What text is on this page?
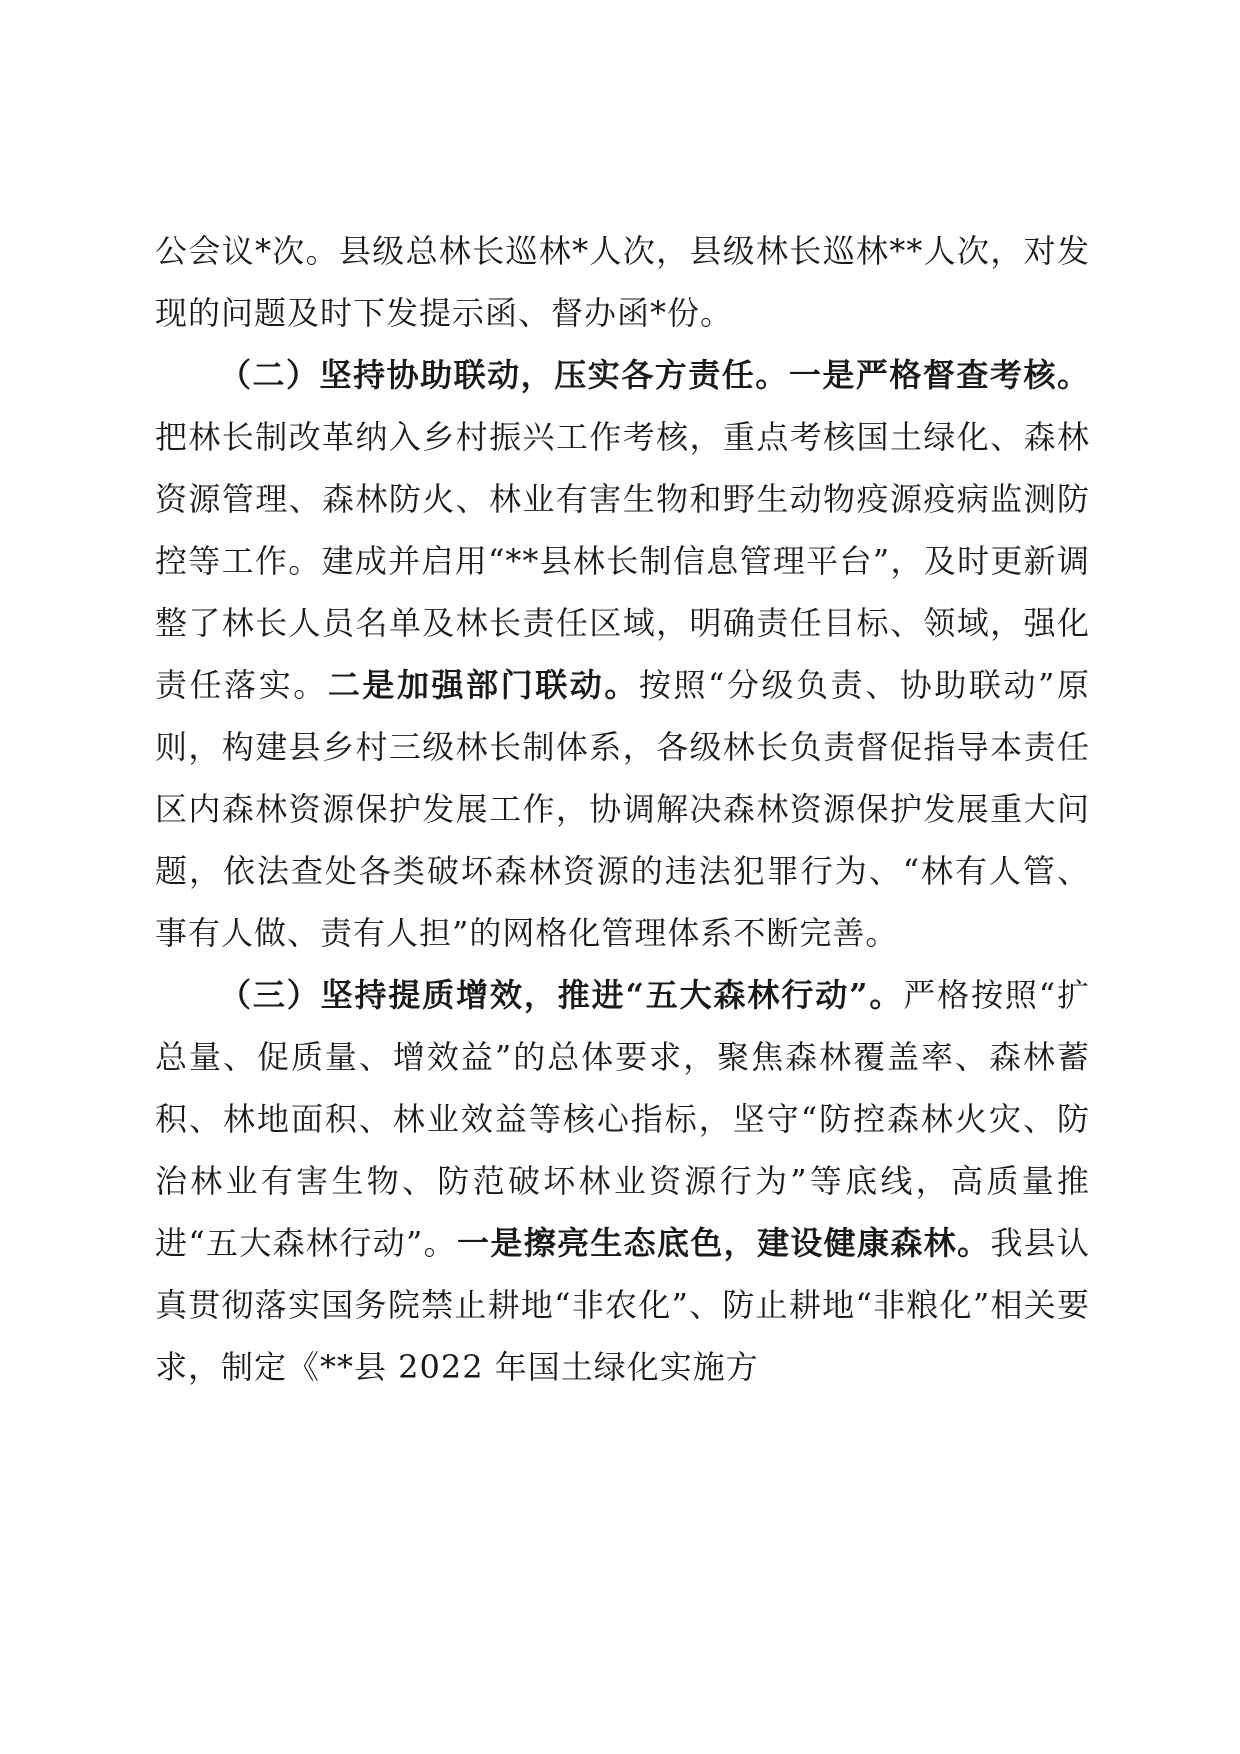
公会议*次。县级总林长巡林*人次，县级林长巡林**人次，对发现的问题及时下发提示函、督办函*份。

（二）坚持协助联动，压实各方责任。一是严格督查考核。把林长制改革纳入乡村振兴工作考核，重点考核国土绿化、森林资源管理、森林防火、林业有害生物和野生动物疫源疫病监测防控等工作。建成并启用“**县林长制信息管理平台”，及时更新调整了林长人员名单及林长责任区域，明确责任目标、领域，强化责任落实。二是加强部门联动。按照“分级负责、协助联动”原则，构建县乡村三级林长制体系，各级林长负责督促指导本责任区内森林资源保护发展工作，协调解决森林资源保护发展重大问题，依法查处各类破坏森林资源的违法犯罪行为、“林有人管、事有人做、责有人担”的网格化管理体系不断完善。

（三）坚持提质增效，推进“五大森林行动”。严格按照“扩总量、促质量、增效益”的总体要求，聚焦森林覆盖率、森林蓄积、林地面积、林业效益等核心指标，坚守“防控森林火灾、防治林业有害生物、防范破坏林业资源行为”等底线，高质量推进“五大森林行动”。一是擦亮生态底色，建设健康森林。我县认真贯彻落实国务院禁止耕地“非农化”、防止耕地“非粮化”相关要求，制定《**县 2022 年国土绿化实施方
